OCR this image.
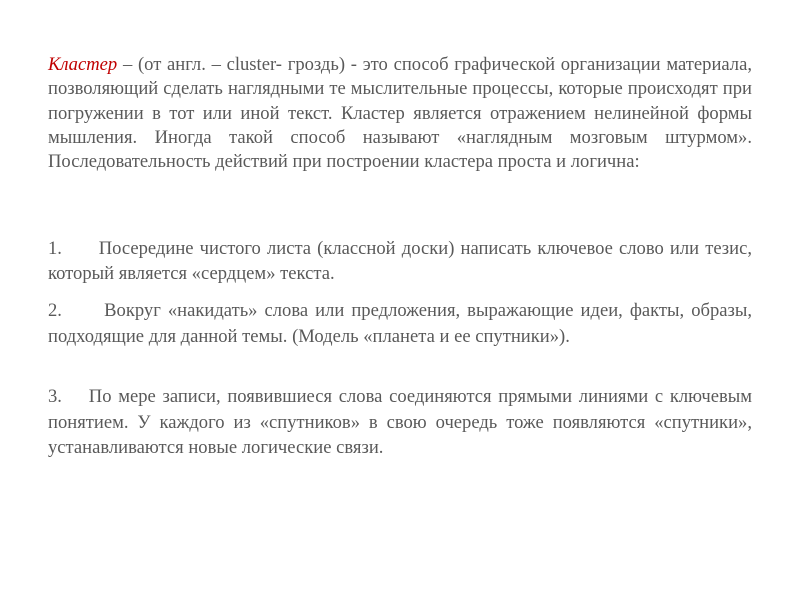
Кластер – (от англ. – cluster- гроздь) - это способ графической организации материала, позволяющий сделать наглядными те мыслительные процессы, которые происходят при погружении в тот или иной текст. Кластер является отражением нелинейной формы мышления. Иногда такой способ называют «наглядным мозговым штурмом». Последовательность действий при построении кластера проста и логична:

1. Посередине чистого листа (классной доски) написать ключевое слово или тезис, который является «сердцем» текста.

2. Вокруг «накидать» слова или предложения, выражающие идеи, факты, образы, подходящие для данной темы. (Модель «планета и ее спутники»).

3. По мере записи, появившиеся слова соединяются прямыми линиями с ключевым понятием. У каждого из «спутников» в свою очередь тоже появляются «спутники», устанавливаются новые логические связи.
